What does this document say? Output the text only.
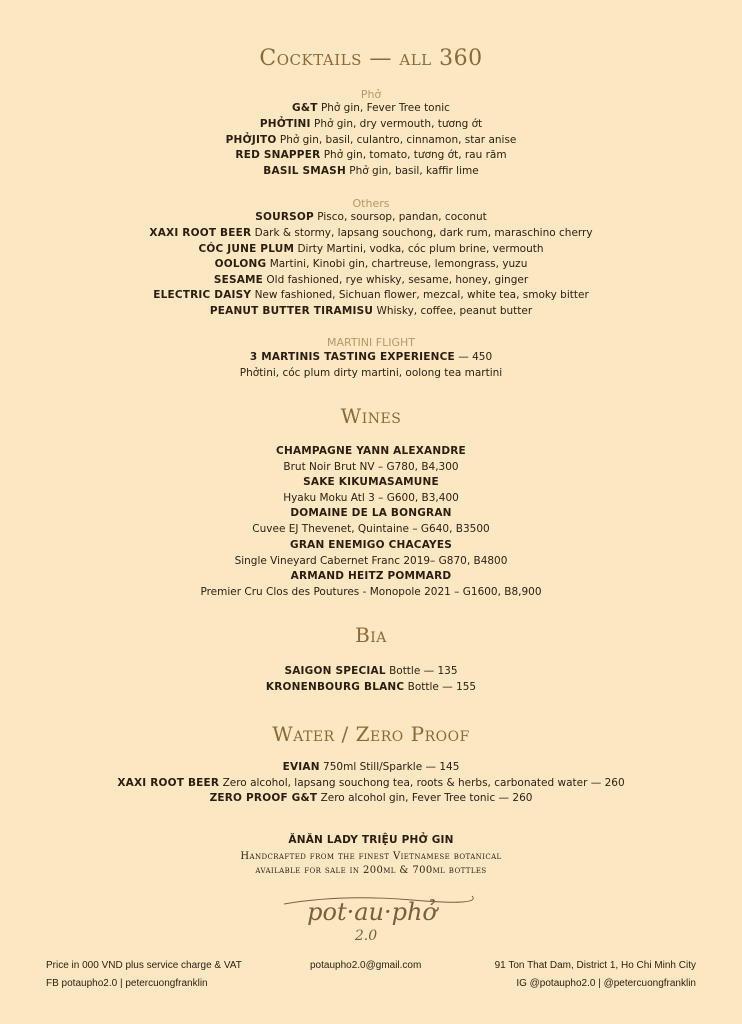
Cocktails — all 360
Phở
G&T Phở gin, Fever Tree tonic
PHỞTINI Phở gin, dry vermouth, tương ớt
PHỞJITO Phở gin, basil, culantro, cinnamon, star anise
RED SNAPPER Phở gin, tomato, tương ớt, rau răm
BASIL SMASH Phở gin, basil, kaffir lime
Others
SOURSOP Pisco, soursop, pandan, coconut
XAXI ROOT BEER Dark & stormy, lapsang souchong, dark rum, maraschino cherry
CÓC JUNE PLUM Dirty Martini, vodka, cóc plum brine, vermouth
OOLONG Martini, Kinobi gin, chartreuse, lemongrass, yuzu
SESAME Old fashioned, rye whisky, sesame, honey, ginger
ELECTRIC DAISY New fashioned, Sichuan flower, mezcal, white tea, smoky bitter
PEANUT BUTTER TIRAMISU Whisky, coffee, peanut butter
MARTINI FLIGHT
3 MARTINIS TASTING EXPERIENCE — 450
Phởtini, cóc plum dirty martini, oolong tea martini
Wines
CHAMPAGNE YANN ALEXANDRE
Brut Noir Brut NV – G780, B4,300
SAKE KIKUMASAMUNE
Hyaku Moku Atl 3 – G600, B3,400
DOMAINE DE LA BONGRAN
Cuvee EJ Thevenet, Quintaine – G640, B3500
GRAN ENEMIGO CHACAYES
Single Vineyard Cabernet Franc 2019– G870, B4800
ARMAND HEITZ POMMARD
Premier Cru Clos des Poutures - Monopole 2021 – G1600, B8,900
Bia
SAIGON SPECIAL Bottle — 135
KRONENBOURG BLANC Bottle — 155
Water / Zero Proof
EVIAN 750ml Still/Sparkle — 145
XAXI ROOT BEER Zero alcohol, lapsang souchong tea, roots & herbs, carbonated water — 260
ZERO PROOF G&T Zero alcohol gin, Fever Tree tonic — 260
ĂNĂN LADY TRIỆU PHỞ GIN
Handcrafted from the finest Vietnamese botanical
available for sale in 200ml & 700ml bottles
pot·au·phở
2.0
Price in 000 VND plus service charge & VAT
FB potaupho2.0 | petercuongfranklin
potaupho2.0@gmail.com	91 Ton That Dam, District 1, Ho Chi Minh City
IG @potaupho2.0 | @petercuongfranklin
